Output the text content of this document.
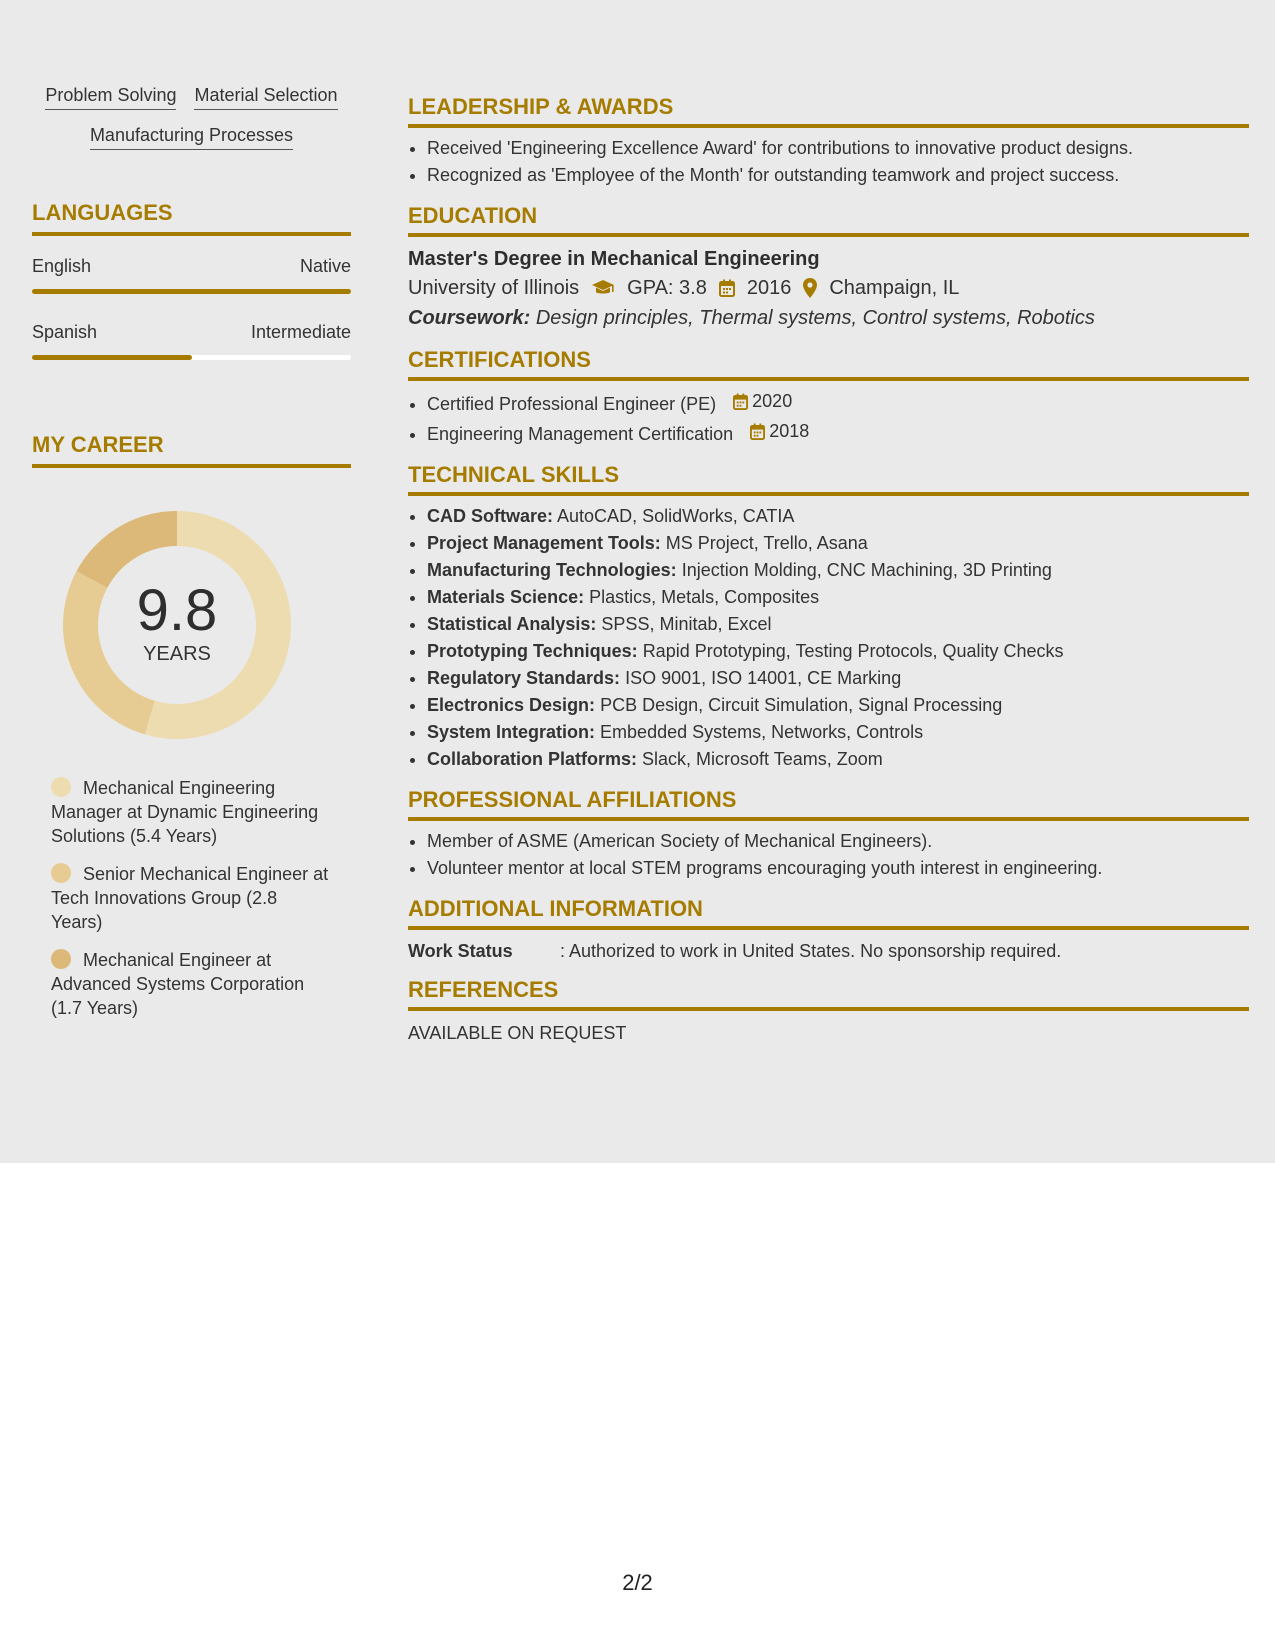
Problem Solving Material Selection
Manufacturing Processes
LANGUAGES
English	Native
Spanish	Intermediate
MY CAREER
9.8
YEARS
Mechanical Engineering Manager at Dynamic Engineering Solutions (5.4 Years)
Senior Mechanical Engineer at Tech Innovations Group (2.8 Years)
Mechanical Engineer at Advanced Systems Corporation (1.7 Years)
LEADERSHIP & AWARDS
• Received 'Engineering Excellence Award' for contributions to innovative product designs.
• Recognized as 'Employee of the Month' for outstanding teamwork and project success.
EDUCATION
Master's Degree in Mechanical Engineering
University of Illinois GPA: 3.8 2016 Champaign, IL
Coursework: Design principles, Thermal systems, Control systems, Robotics
CERTIFICATIONS
• Certified Professional Engineer (PE) 2020
• Engineering Management Certification 2018
TECHNICAL SKILLS
• CAD Software: AutoCAD, SolidWorks, CATIA
• Project Management Tools: MS Project, Trello, Asana
• Manufacturing Technologies: Injection Molding, CNC Machining, 3D Printing
• Materials Science: Plastics, Metals, Composites
• Statistical Analysis: SPSS, Minitab, Excel
• Prototyping Techniques: Rapid Prototyping, Testing Protocols, Quality Checks
• Regulatory Standards: ISO 9001, ISO 14001, CE Marking
• Electronics Design: PCB Design, Circuit Simulation, Signal Processing
• System Integration: Embedded Systems, Networks, Controls
• Collaboration Platforms: Slack, Microsoft Teams, Zoom
PROFESSIONAL AFFILIATIONS
• Member of ASME (American Society of Mechanical Engineers).
• Volunteer mentor at local STEM programs encouraging youth interest in engineering.
ADDITIONAL INFORMATION
Work Status	: Authorized to work in United States. No sponsorship required.
REFERENCES
AVAILABLE ON REQUEST
2/2
